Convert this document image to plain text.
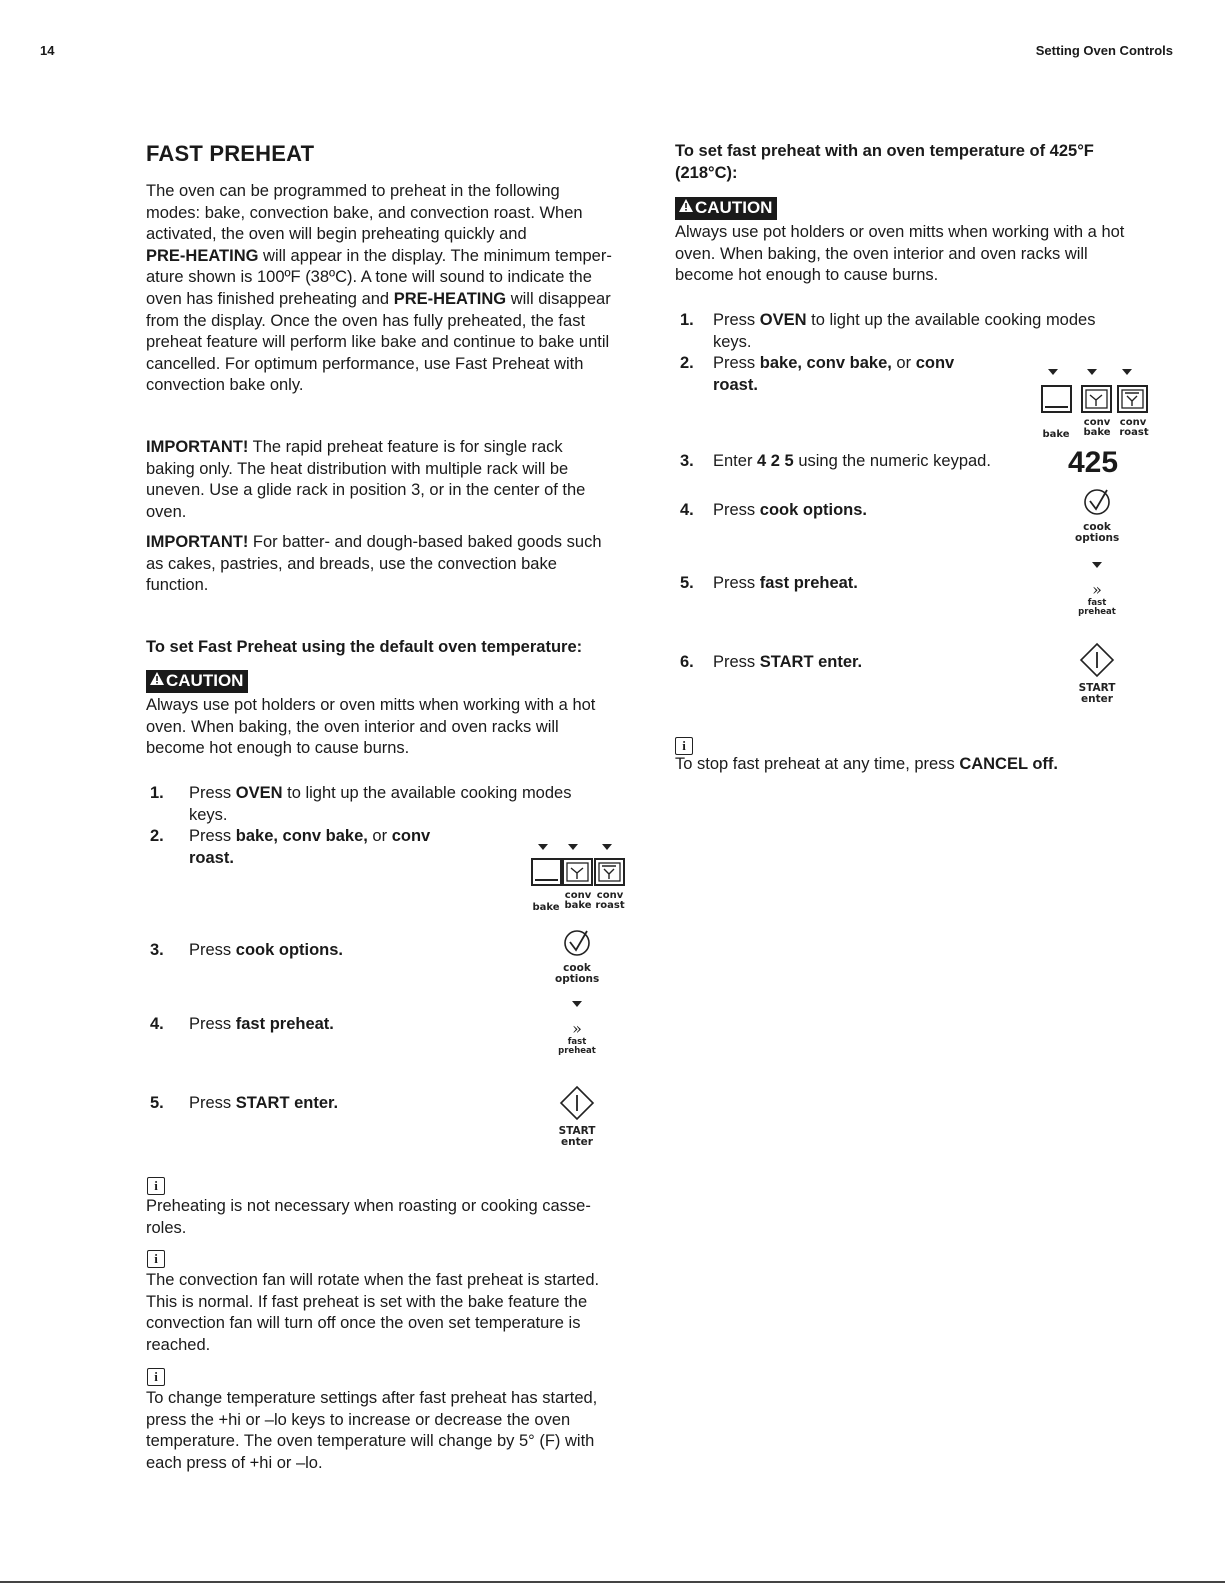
14	Setting Oven Controls
FAST PREHEAT
The oven can be programmed to preheat in the following
modes: bake, convection bake, and convection roast. When
activated, the oven will begin preheating quickly and
PRE-HEATING will appear in the display. The minimum temper-
ature shown is 100ºF (38ºC). A tone will sound to indicate the
oven has finished preheating and PRE-HEATING will disappear
from the display. Once the oven has fully preheated, the fast
preheat feature will perform like bake and continue to bake until
cancelled. For optimum performance, use Fast Preheat with
convection bake only.
IMPORTANT! The rapid preheat feature is for single rack
baking only. The heat distribution with multiple rack will be
uneven. Use a glide rack in position 3, or in the center of the
oven.
IMPORTANT! For batter- and dough-based baked goods such
as cakes, pastries, and breads, use the convection bake
function.
To set Fast Preheat using the default oven temperature:
CAUTION
Always use pot holders or oven mitts when working with a hot
oven. When baking, the oven interior and oven racks will
become hot enough to cause burns.
1. Press OVEN to light up the available cooking modes
keys.
2. Press bake, conv bake, or conv
roast.
3. Press cook options.
4. Press fast preheat.
5. Press START enter.
conv conv
bake bake roast
cook
options
»
fast
preheat
START
enter
i
Preheating is not necessary when roasting or cooking casse-
roles.
i
The convection fan will rotate when the fast preheat is started.
This is normal. If fast preheat is set with the bake feature the
convection fan will turn off once the oven set temperature is
reached.
i
To change temperature settings after fast preheat has started,
press the +hi or –lo keys to increase or decrease the oven
temperature. The oven temperature will change by 5° (F) with
each press of +hi or –lo.
To set fast preheat with an oven temperature of 425°F
(218°C):
CAUTION
Always use pot holders or oven mitts when working with a hot
oven. When baking, the oven interior and oven racks will
become hot enough to cause burns.
1. Press OVEN to light up the available cooking modes
keys.
2. Press bake, conv bake, or conv
roast.
3. Enter 4 2 5 using the numeric keypad.
4. Press cook options.
5. Press fast preheat.
6. Press START enter.
conv conv
bake bake roast
425
cook
options
»
fast
preheat
START
enter
i
To stop fast preheat at any time, press CANCEL off.
